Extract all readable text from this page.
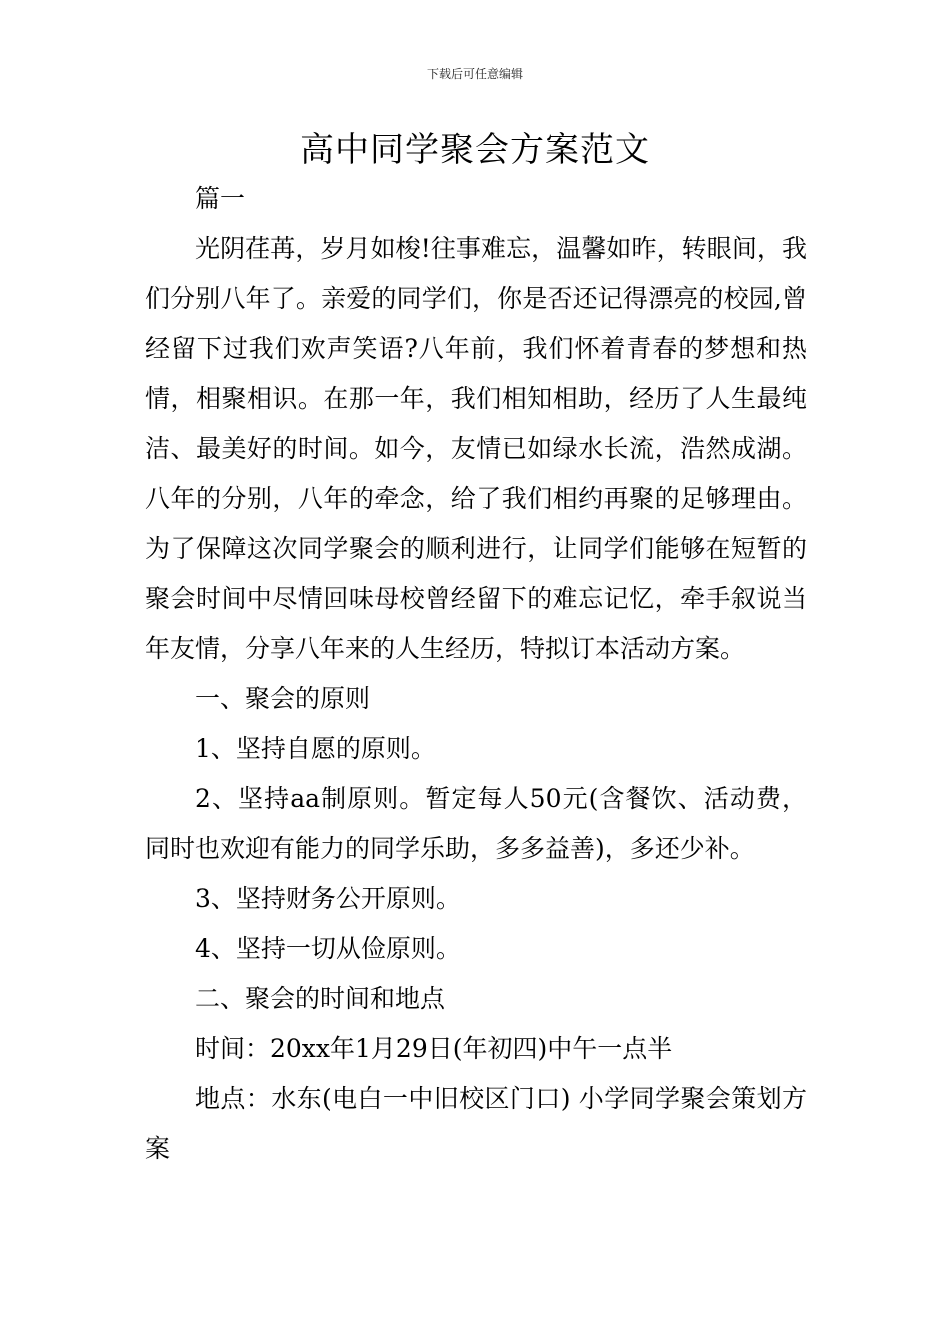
下载后可任意编辑
高中同学聚会方案范文

篇一

光阴荏苒，岁月如梭!往事难忘，温馨如昨，转眼间，我们分别八年了。亲爱的同学们，你是否还记得漂亮的校园,曾经留下过我们欢声笑语?八年前，我们怀着青春的梦想和热情，相聚相识。在那一年，我们相知相助，经历了人生最纯洁、最美好的时间。如今，友情已如绿水长流，浩然成湖。八年的分别，八年的牵念，给了我们相约再聚的足够理由。为了保障这次同学聚会的顺利进行，让同学们能够在短暂的聚会时间中尽情回味母校曾经留下的难忘记忆，牵手叙说当年友情，分享八年来的人生经历，特拟订本活动方案。

一、聚会的原则

1、坚持自愿的原则。

2、坚持aa制原则。暂定每人50元(含餐饮、活动费，同时也欢迎有能力的同学乐助，多多益善)，多还少补。

3、坚持财务公开原则。

4、坚持一切从俭原则。

二、聚会的时间和地点

时间：20xx年1月29日(年初四)中午一点半

地点：水东(电白一中旧校区门口) 小学同学聚会策划方案
